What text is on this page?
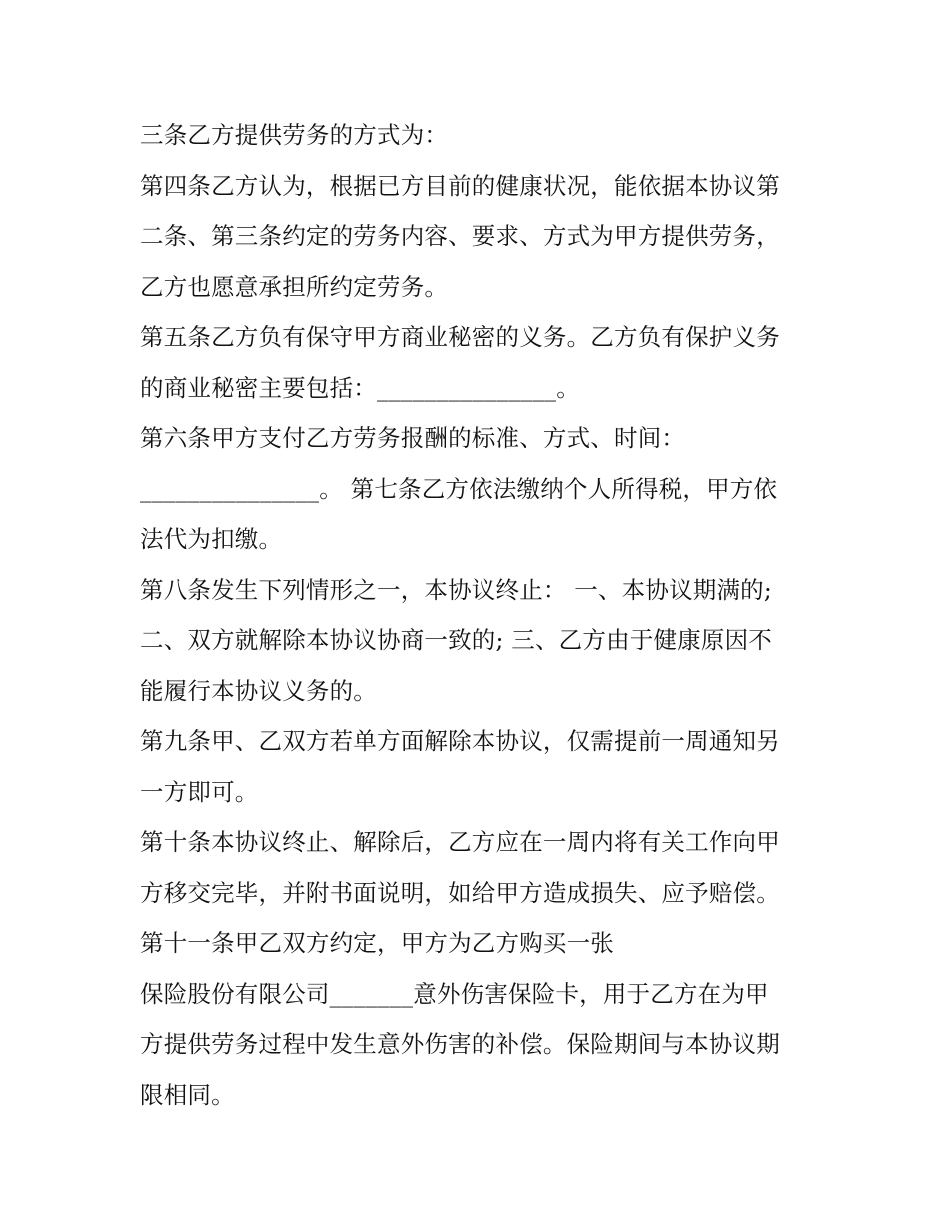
三条乙方提供劳务的方式为：
第四条乙方认为，根据已方目前的健康状况，能依据本协议第
二条、第三条约定的劳务内容、要求、方式为甲方提供劳务，
乙方也愿意承担所约定劳务。
第五条乙方负有保守甲方商业秘密的义务。乙方负有保护义务
的商业秘密主要包括：_______________。
第六条甲方支付乙方劳务报酬的标准、方式、时间：
_______________。 第七条乙方依法缴纳个人所得税，甲方依
法代为扣缴。
第八条发生下列情形之一，本协议终止： 一、本协议期满的;
二、双方就解除本协议协商一致的; 三、乙方由于健康原因不
能履行本协议义务的。
第九条甲、乙双方若单方面解除本协议，仅需提前一周通知另
一方即可。
第十条本协议终止、解除后，乙方应在一周内将有关工作向甲
方移交完毕，并附书面说明，如给甲方造成损失、应予赔偿。
第十一条甲乙双方约定，甲方为乙方购买一张
保险股份有限公司_______意外伤害保险卡，用于乙方在为甲
方提供劳务过程中发生意外伤害的补偿。保险期间与本协议期
限相同。
